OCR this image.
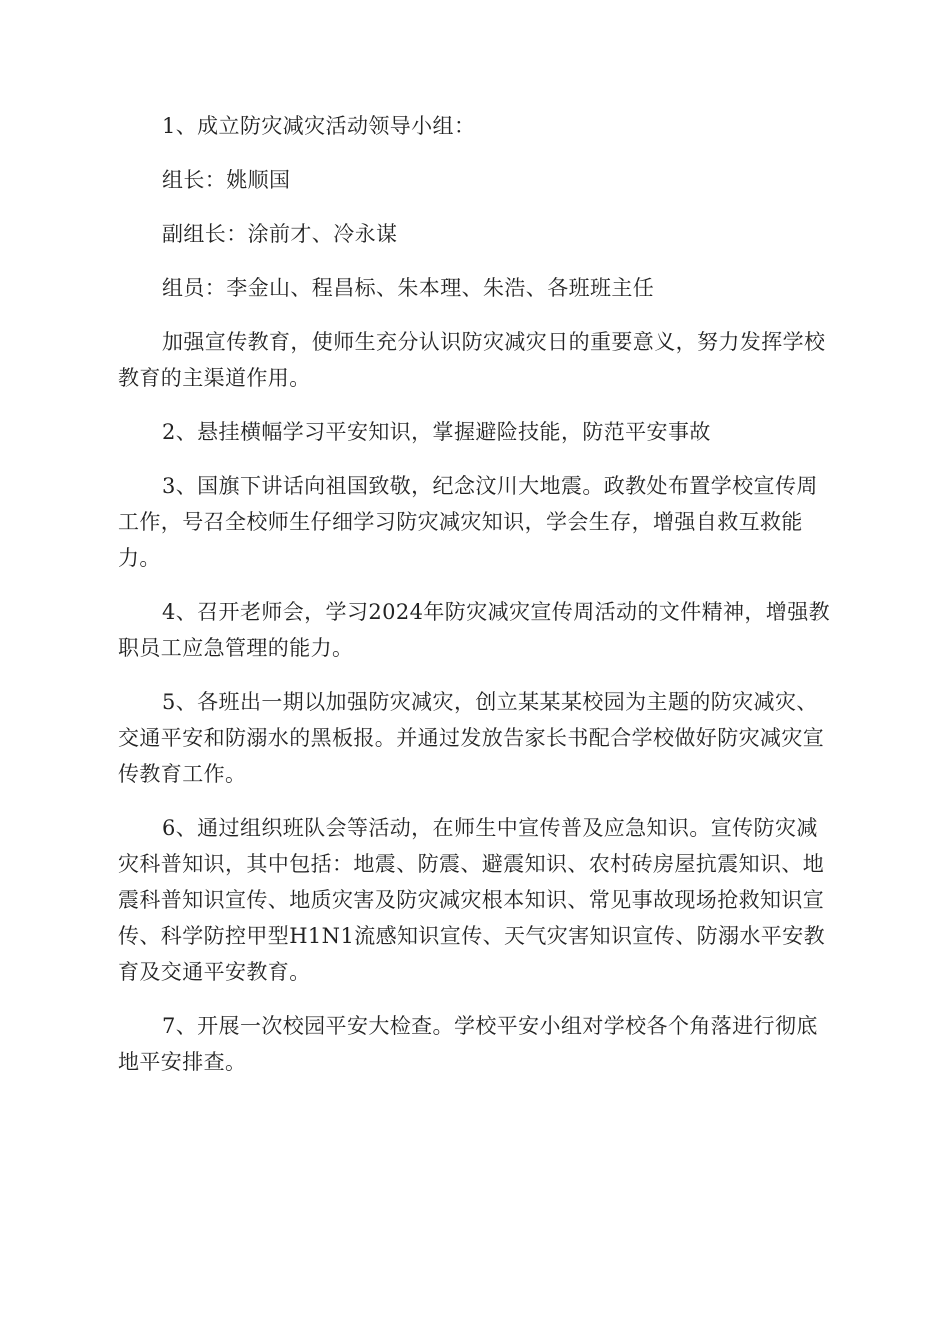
1、成立防灾减灾活动领导小组：

组长：姚顺国

副组长：涂前才、冷永谋

组员：李金山、程昌标、朱本理、朱浩、各班班主任

加强宣传教育，使师生充分认识防灾减灾日的重要意义，努力发挥学校教育的主渠道作用。

2、悬挂横幅学习平安知识，掌握避险技能，防范平安事故

3、国旗下讲话向祖国致敬，纪念汶川大地震。政教处布置学校宣传周工作，号召全校师生仔细学习防灾减灾知识，学会生存，增强自救互救能力。

4、召开老师会，学习2024年防灾减灾宣传周活动的文件精神，增强教职员工应急管理的能力。

5、各班出一期以加强防灾减灾，创立某某某校园为主题的防灾减灾、交通平安和防溺水的黑板报。并通过发放告家长书配合学校做好防灾减灾宣传教育工作。

6、通过组织班队会等活动，在师生中宣传普及应急知识。宣传防灾减灾科普知识，其中包括：地震、防震、避震知识、农村砖房屋抗震知识、地震科普知识宣传、地质灾害及防灾减灾根本知识、常见事故现场抢救知识宣传、科学防控甲型H1N1流感知识宣传、天气灾害知识宣传、防溺水平安教育及交通平安教育。

7、开展一次校园平安大检查。学校平安小组对学校各个角落进行彻底地平安排查。
